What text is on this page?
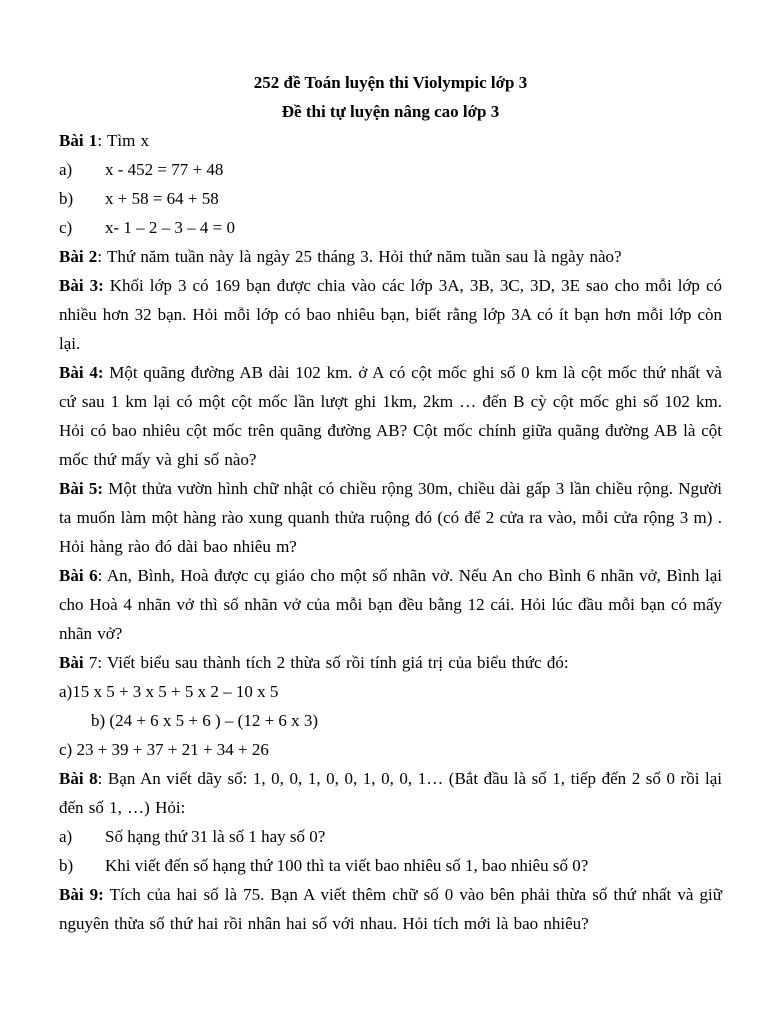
252 đề Toán luyện thi Violympic lớp 3

Đề thi tự luyện nâng cao lớp 3

Bài 1: Tìm x

a)	x - 452 = 77 + 48
b)	x + 58 = 64 + 58
c)	x- 1 – 2 – 3 – 4 = 0

Bài 2: Thứ năm tuần này là ngày 25 tháng 3. Hỏi thứ năm tuần sau là ngày nào?

Bài 3: Khối lớp 3 có 169 bạn được chia vào các lớp 3A, 3B, 3C, 3D, 3E sao cho mỗi lớp có nhiều hơn 32 bạn. Hỏi mỗi lớp có bao nhiêu bạn, biết rằng lớp 3A có ít bạn hơn mỗi lớp còn lại.

Bài 4: Một quãng đường AB dài 102 km. ở A có cột mốc ghi số 0 km là cột mốc thứ nhất và cứ sau 1 km lại có một cột mốc lần lượt ghi 1km, 2km … đến B cỳ cột mốc ghi số 102 km. Hỏi có bao nhiêu cột mốc trên quãng đường AB? Cột mốc chính giữa quãng đường AB là cột mốc thứ mấy và ghi số nào?

Bài 5: Một thửa vườn hình chữ nhật có chiều rộng 30m, chiều dài gấp 3 lần chiều rộng. Người ta muốn làm một hàng rào xung quanh thửa ruộng đó (có để 2 cửa ra vào, mỗi cửa rộng 3 m) . Hỏi hàng rào đó dài bao nhiêu m?

Bài 6: An, Bình, Hoà được cụ giáo cho một số nhãn vở. Nếu An cho Bình 6 nhãn vở, Bình lại cho Hoà 4 nhãn vở thì số nhãn vở của mỗi bạn đều bằng 12 cái. Hỏi lúc đầu mỗi bạn có mấy nhãn vở?

Bài 7: Viết biểu sau thành tích 2 thừa số rồi tính giá trị của biểu thức đó:

a)15 x 5 + 3 x 5 + 5 x 2 – 10 x 5

b) (24 + 6 x 5 + 6 ) – (12 + 6 x 3)

c) 23 + 39 + 37 + 21 + 34 + 26

Bài 8: Bạn An viết dãy số: 1, 0, 0, 1, 0, 0, 1, 0, 0, 1… (Bắt đầu là số 1, tiếp đến 2 số 0 rồi lại đến số 1, …) Hỏi:

a)	Số hạng thứ 31 là số 1 hay số 0?
b)	Khi viết đến số hạng thứ 100 thì ta viết bao nhiêu số 1, bao nhiêu số 0?

Bài 9: Tích của hai số là 75. Bạn A viết thêm chữ số 0 vào bên phải thừa số thứ nhất và giữ nguyên thừa số thứ hai rồi nhân hai số với nhau. Hỏi tích mới là bao nhiêu?
